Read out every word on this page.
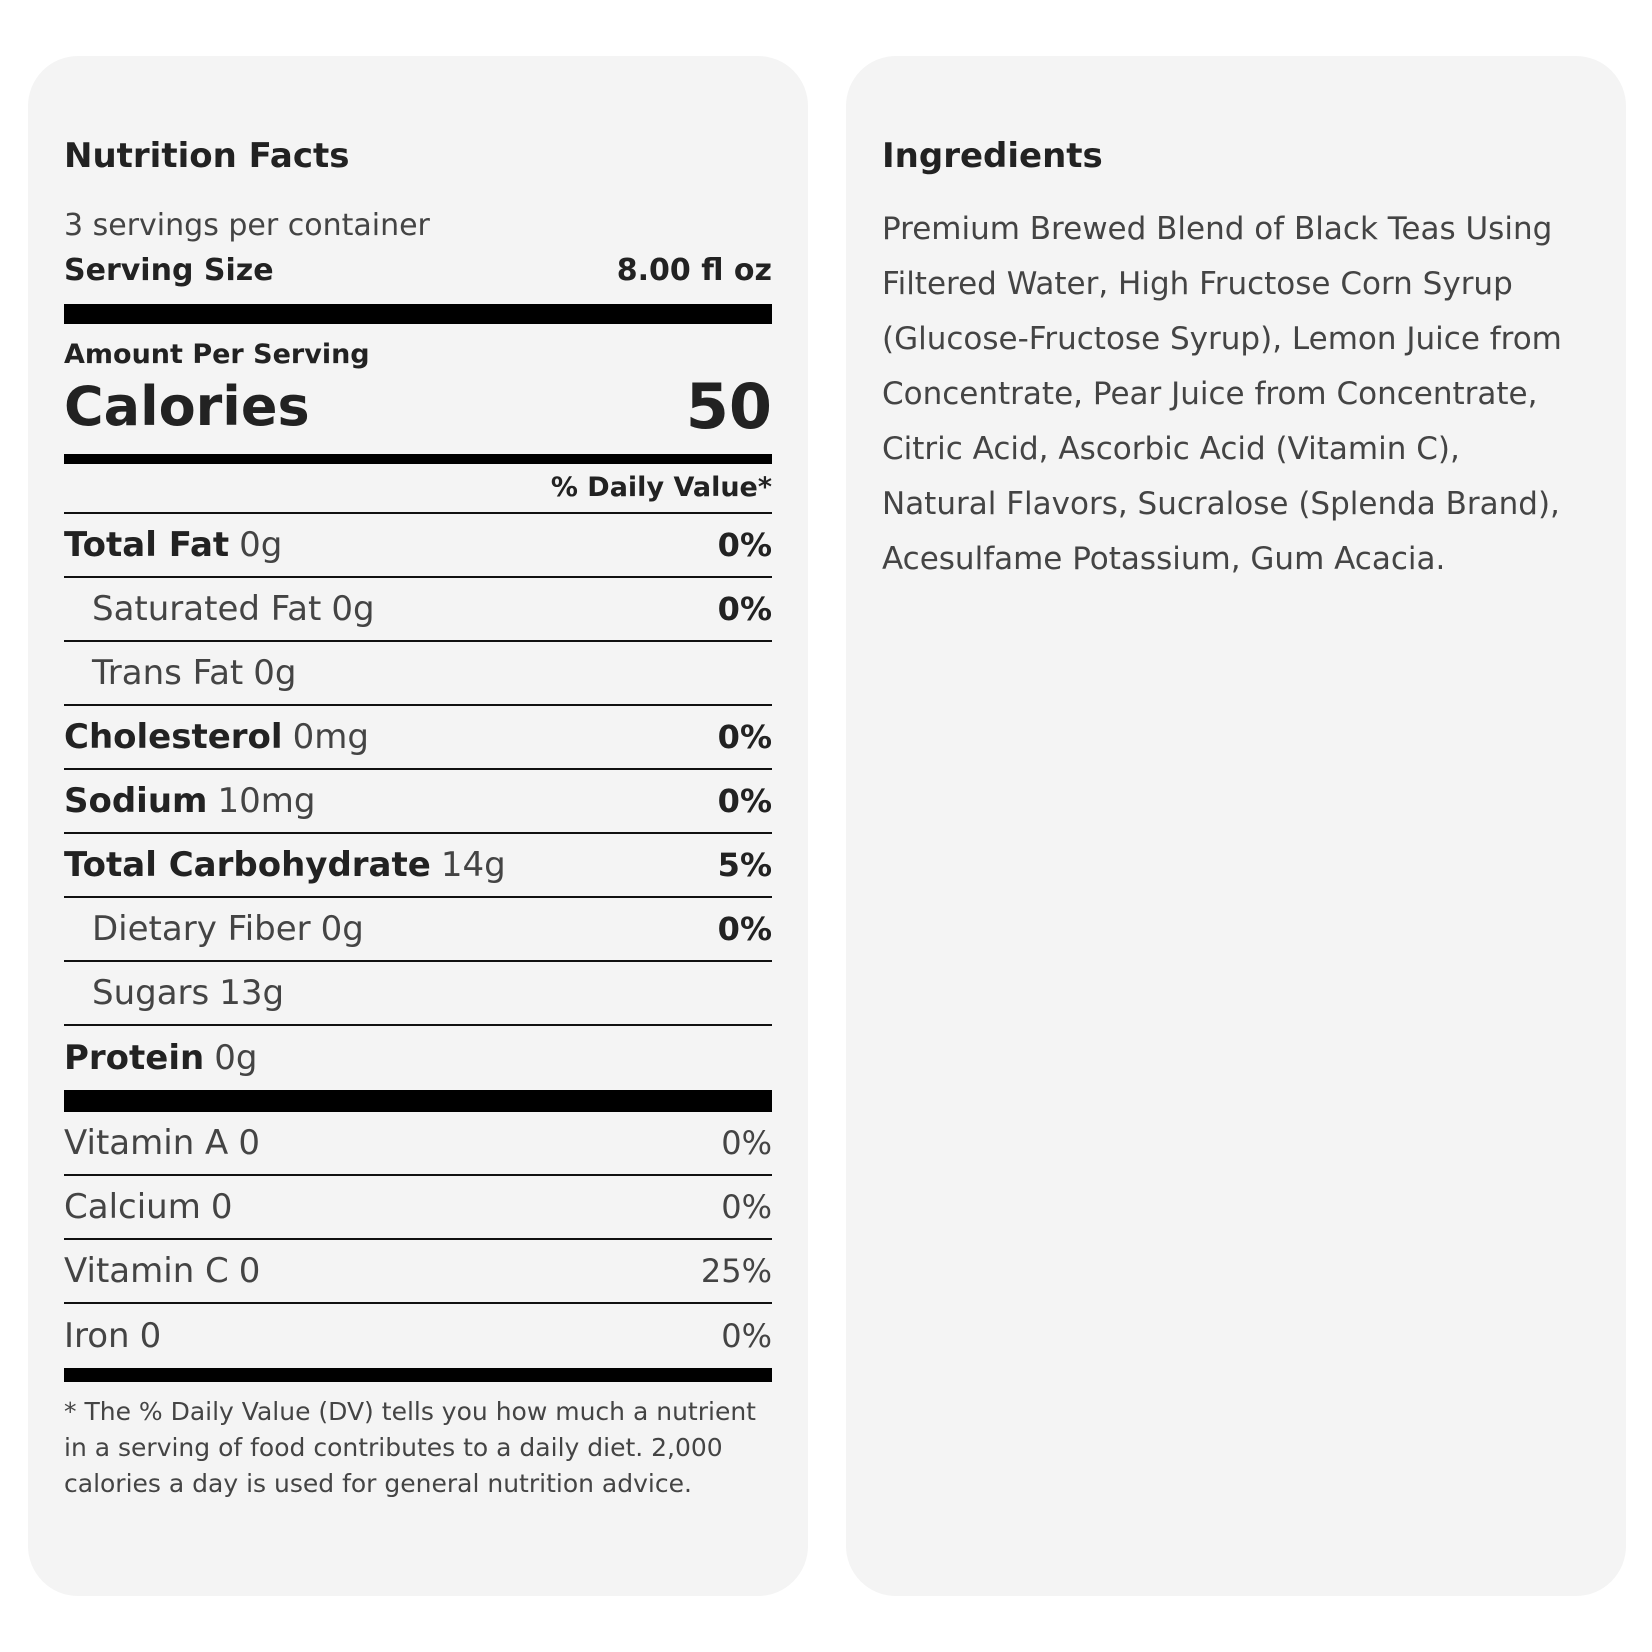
Nutrition Facts
3 servings per container
Serving Size	8.00 fl oz
Amount Per Serving
Calories	50
% Daily Value*
Total Fat 0g	0%
Saturated Fat 0g	0%
Trans Fat 0g
Cholesterol 0mg	0%
Sodium 10mg	0%
Total Carbohydrate 14g	5%
Dietary Fiber 0g	0%
Sugars 13g
Protein 0g
Vitamin A 0	0%
Calcium 0	0%
Vitamin C 0	25%
Iron 0	0%
* The % Daily Value (DV) tells you how much a nutrient in a serving of food contributes to a daily diet. 2,000 calories a day is used for general nutrition advice.
Ingredients
Premium Brewed Blend of Black Teas Using Filtered Water, High Fructose Corn Syrup (Glucose-Fructose Syrup), Lemon Juice from Concentrate, Pear Juice from Concentrate, Citric Acid, Ascorbic Acid (Vitamin C), Natural Flavors, Sucralose (Splenda Brand), Acesulfame Potassium, Gum Acacia.
